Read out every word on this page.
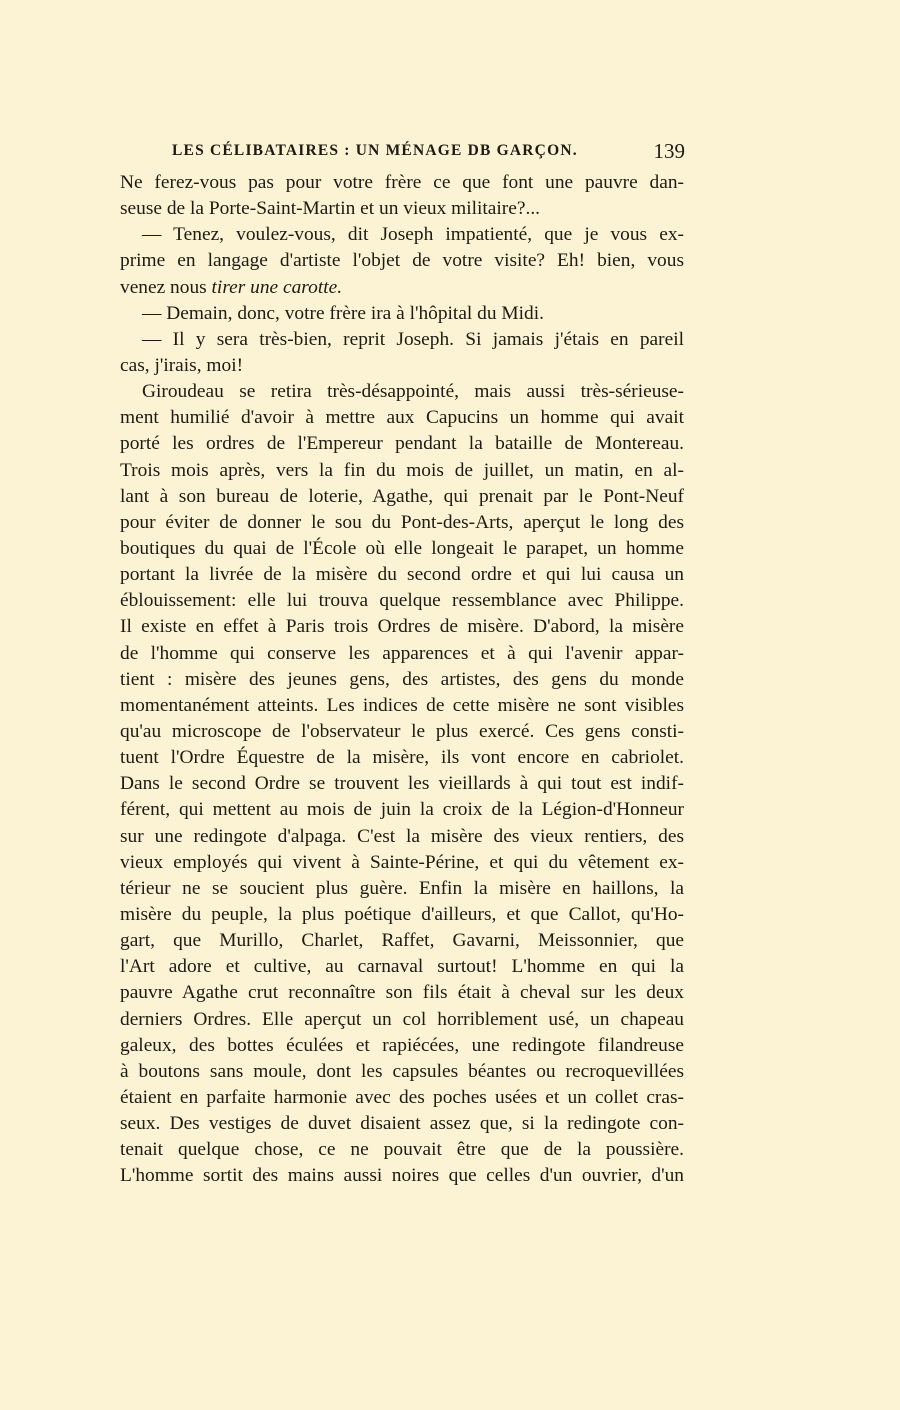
LES CÉLIBATAIRES : UN MÉNAGE DB GARÇON.	139
Ne ferez-vous pas pour votre frère ce que font une pauvre dan-
seuse de la Porte-Saint-Martin et un vieux militaire?...
— Tenez, voulez-vous, dit Joseph impatienté, que je vous ex-
prime en langage d'artiste l'objet de votre visite? Eh! bien, vous
venez nous tirer une carotte.
— Demain, donc, votre frère ira à l'hôpital du Midi.
— Il y sera très-bien, reprit Joseph. Si jamais j'étais en pareil
cas, j'irais, moi!
Giroudeau se retira très-désappointé, mais aussi très-sérieuse-
ment humilié d'avoir à mettre aux Capucins un homme qui avait
porté les ordres de l'Empereur pendant la bataille de Montereau.
Trois mois après, vers la fin du mois de juillet, un matin, en al-
lant à son bureau de loterie, Agathe, qui prenait par le Pont-Neuf
pour éviter de donner le sou du Pont-des-Arts, aperçut le long des
boutiques du quai de l'École où elle longeait le parapet, un homme
portant la livrée de la misère du second ordre et qui lui causa un
éblouissement: elle lui trouva quelque ressemblance avec Philippe.
Il existe en effet à Paris trois Ordres de misère. D'abord, la misère
de l'homme qui conserve les apparences et à qui l'avenir appar-
tient : misère des jeunes gens, des artistes, des gens du monde
momentanément atteints. Les indices de cette misère ne sont visibles
qu'au microscope de l'observateur le plus exercé. Ces gens consti-
tuent l'Ordre Équestre de la misère, ils vont encore en cabriolet.
Dans le second Ordre se trouvent les vieillards à qui tout est indif-
férent, qui mettent au mois de juin la croix de la Légion-d'Honneur
sur une redingote d'alpaga. C'est la misère des vieux rentiers, des
vieux employés qui vivent à Sainte-Périne, et qui du vêtement ex-
térieur ne se soucient plus guère. Enfin la misère en haillons, la
misère du peuple, la plus poétique d'ailleurs, et que Callot, qu'Ho-
gart, que Murillo, Charlet, Raffet, Gavarni, Meissonnier, que
l'Art adore et cultive, au carnaval surtout! L'homme en qui la
pauvre Agathe crut reconnaître son fils était à cheval sur les deux
derniers Ordres. Elle aperçut un col horriblement usé, un chapeau
galeux, des bottes éculées et rapiécées, une redingote filandreuse
à boutons sans moule, dont les capsules béantes ou recroquevillées
étaient en parfaite harmonie avec des poches usées et un collet cras-
seux. Des vestiges de duvet disaient assez que, si la redingote con-
tenait quelque chose, ce ne pouvait être que de la poussière.
L'homme sortit des mains aussi noires que celles d'un ouvrier, d'un
